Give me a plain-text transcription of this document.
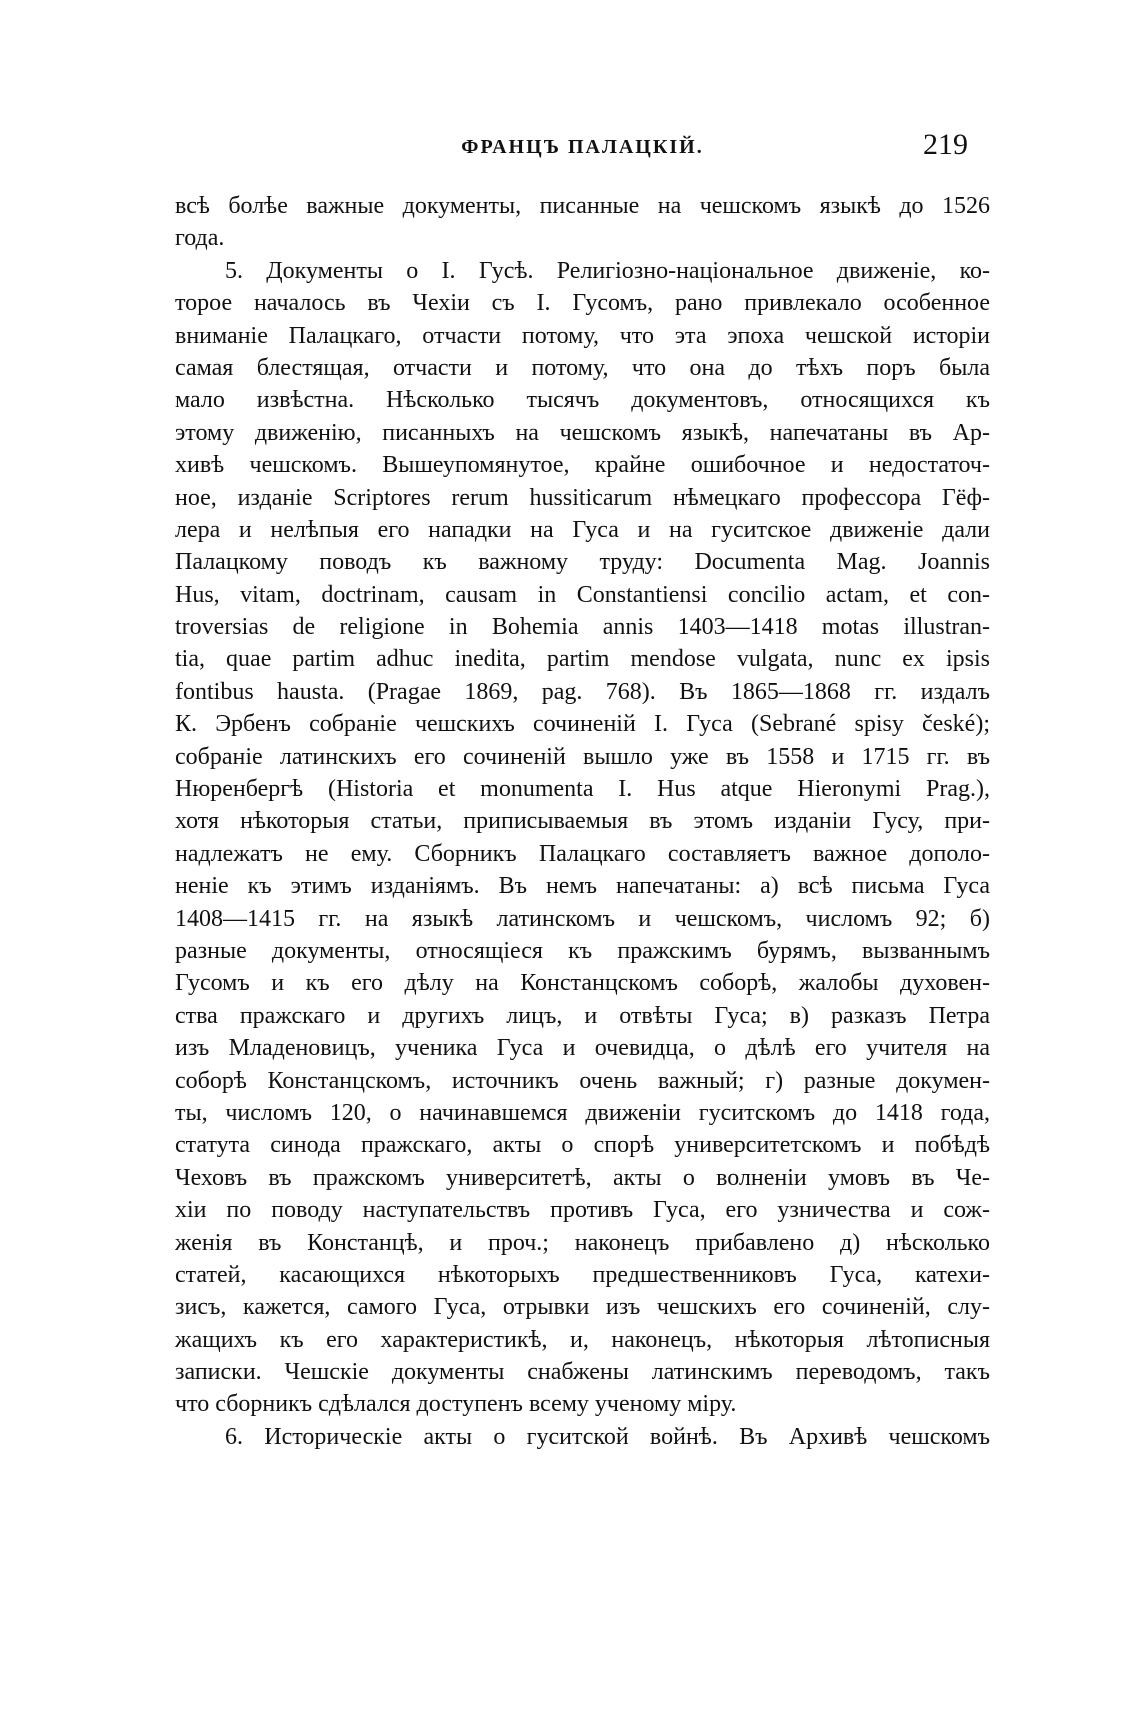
ФРАНЦЪ ПАЛАЦКІЙ.	219
всѣ болѣе важные документы, писанные на чешскомъ языкѣ до 1526
года.
5. Документы о I. Гусѣ. Религіозно-національное движеніе, ко-
торое началось въ Чехіи съ I. Гусомъ, рано привлекало особенное
вниманіе Палацкаго, отчасти потому, что эта эпоха чешской исторіи
самая блестящая, отчасти и потому, что она до тѣхъ поръ была
мало извѣстна. Нѣсколько тысячъ документовъ, относящихся къ
этому движенію, писанныхъ на чешскомъ языкѣ, напечатаны въ Ар-
хивѣ чешскомъ. Вышеупомянутое, крайне ошибочное и недостаточ-
ное, изданіе Scriptores rerum hussiticarum нѣмецкаго профессора Гёф-
лера и нелѣпыя его нападки на Гуса и на гуситское движеніе дали
Палацкому поводъ къ важному труду: Documenta Mag. Joannis
Hus, vitam, doctrinam, causam in Constantiensi concilio actam, et con-
troversias de religione in Bohemia annis 1403—1418 motas illustran-
tia, quae partim adhuc inedita, partim mendose vulgata, nunc ex ipsis
fontibus hausta. (Pragae 1869, pag. 768). Въ 1865—1868 гг. издалъ
К. Эрбенъ собраніе чешскихъ сочиненій I. Гуса (Sebrané spisy české);
собраніе латинскихъ его сочиненій вышло уже въ 1558 и 1715 гг. въ
Нюренбергѣ (Historia et monumenta I. Hus atque Hieronymi Prag.),
хотя нѣкоторыя статьи, приписываемыя въ этомъ изданіи Гусу, при-
надлежатъ не ему. Сборникъ Палацкаго составляетъ важное дополо-
неніе къ этимъ изданіямъ. Въ немъ напечатаны: а) всѣ письма Гуса
1408—1415 гг. на языкѣ латинскомъ и чешскомъ, числомъ 92; б)
разные документы, относящіеся къ пражскимъ бурямъ, вызваннымъ
Гусомъ и къ его дѣлу на Констанцскомъ соборѣ, жалобы духовен-
ства пражскаго и другихъ лицъ, и отвѣты Гуса; в) разказъ Петра
изъ Младеновицъ, ученика Гуса и очевидца, о дѣлѣ его учителя на
соборѣ Констанцскомъ, источникъ очень важный; г) разные докумен-
ты, числомъ 120, о начинавшемся движеніи гуситскомъ до 1418 года,
статута синода пражскаго, акты о спорѣ университетскомъ и побѣдѣ
Чеховъ въ пражскомъ университетѣ, акты о волненіи умовъ въ Че-
хіи по поводу наступательствъ противъ Гуса, его узничества и сож-
женія въ Констанцѣ, и проч.; наконецъ прибавлено д) нѣсколько
статей, касающихся нѣкоторыхъ предшественниковъ Гуса, катехи-
зисъ, кажется, самого Гуса, отрывки изъ чешскихъ его сочиненій, слу-
жащихъ къ его характеристикѣ, и, наконецъ, нѣкоторыя лѣтописныя
записки. Чешскіе документы снабжены латинскимъ переводомъ, такъ
что сборникъ сдѣлался доступенъ всему ученому міру.
6. Историческіе акты о гуситской войнѣ. Въ Архивѣ чешскомъ
